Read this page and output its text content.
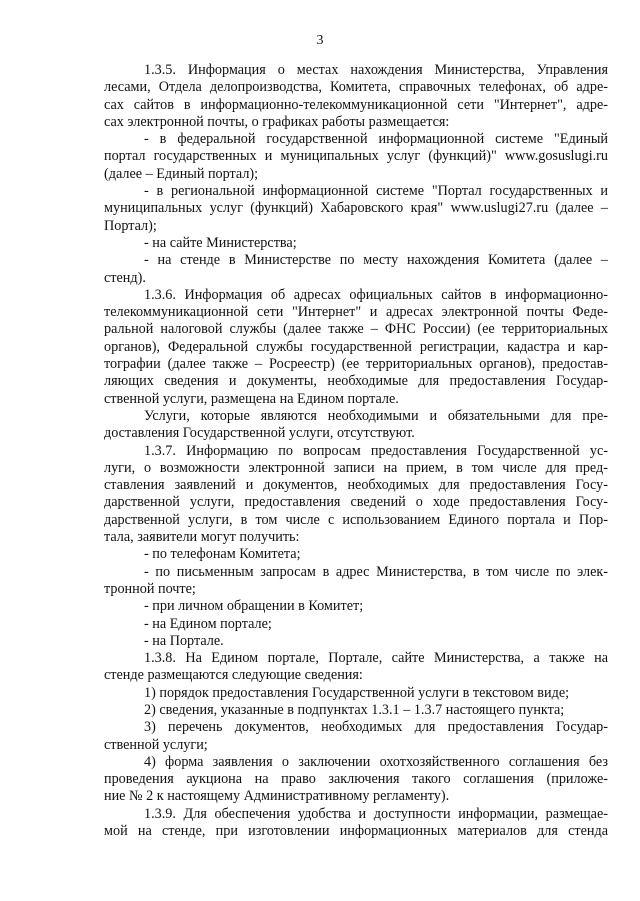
3
1.3.5. Информация о местах нахождения Министерства, Управления
лесами, Отдела делопроизводства, Комитета, справочных телефонах, об адре-
сах сайтов в информационно-телекоммуникационной сети "Интернет", адре-
сах электронной почты, о графиках работы размещается:
- в федеральной государственной информационной системе "Единый
портал государственных и муниципальных услуг (функций)" www.gosuslugi.ru
(далее – Единый портал);
- в региональной информационной системе "Портал государственных и
муниципальных услуг (функций) Хабаровского края" www.uslugi27.ru (далее –
Портал);
- на сайте Министерства;
- на стенде в Министерстве по месту нахождения Комитета (далее –
стенд).
1.3.6. Информация об адресах официальных сайтов в информационно-
телекоммуникационной сети "Интернет" и адресах электронной почты Феде-
ральной налоговой службы (далее также – ФНС России) (ее территориальных
органов), Федеральной службы государственной регистрации, кадастра и кар-
тографии (далее также – Росреестр) (ее территориальных органов), предостав-
ляющих сведения и документы, необходимые для предоставления Государ-
ственной услуги, размещена на Едином портале.
Услуги, которые являются необходимыми и обязательными для пре-
доставления Государственной услуги, отсутствуют.
1.3.7. Информацию по вопросам предоставления Государственной ус-
луги, о возможности электронной записи на прием, в том числе для пред-
ставления заявлений и документов, необходимых для предоставления Госу-
дарственной услуги, предоставления сведений о ходе предоставления Госу-
дарственной услуги, в том числе с использованием Единого портала и Пор-
тала, заявители могут получить:
- по телефонам Комитета;
- по письменным запросам в адрес Министерства, в том числе по элек-
тронной почте;
- при личном обращении в Комитет;
- на Едином портале;
- на Портале.
1.3.8. На Едином портале, Портале, сайте Министерства, а также на
стенде размещаются следующие сведения:
1) порядок предоставления Государственной услуги в текстовом виде;
2) сведения, указанные в подпунктах 1.3.1 – 1.3.7 настоящего пункта;
3) перечень документов, необходимых для предоставления Государ-
ственной услуги;
4) форма заявления о заключении охотхозяйственного соглашения без
проведения аукциона на право заключения такого соглашения (приложе-
ние № 2 к настоящему Административному регламенту).
1.3.9. Для обеспечения удобства и доступности информации, размещае-
мой на стенде, при изготовлении информационных материалов для стенда
